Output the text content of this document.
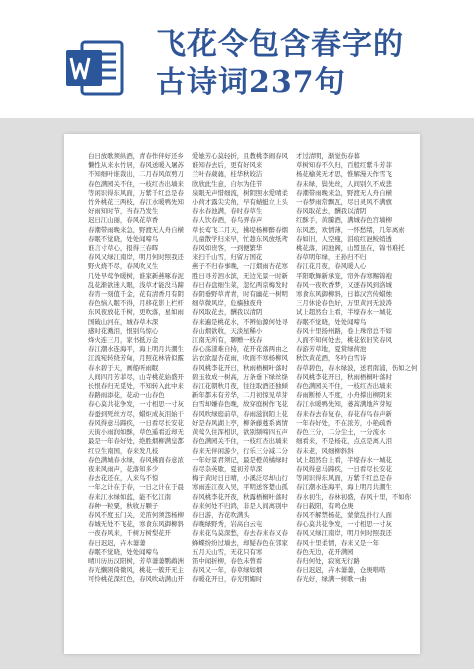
飞花令包含春字的
古诗词237句
白日放歌须纵酒，青春作伴好还乡
懒性从来水竹居，春风送暖入屠苏
不知细叶谁裁出，二月春风似剪刀
春色满园关不住，一枝红杏出墙来
等闲识得东风面，万紫千红总是春
竹外桃花三两枝，春江水暖鸭先知
好雨知时节，当春乃发生
迟日江山丽，春风花草香
春潮带雨晚来急，野渡无人舟自横
春眠不觉晓，处处闻啼鸟
谁言寸草心，报得三春晖
春风又绿江南岸，明月何时照我还
野火烧不尽，春风吹又生
几处早莺争暖树，谁家新燕啄春泥
乱花渐欲迷人眼，浅草才能没马蹄
春宵一刻值千金，花有清香月有阴
春色恼人眠不得，月移花影上栏杆
东风夜放花千树，更吹落，星如雨
国破山河在，城春草木深
感时花溅泪，恨别鸟惊心
烽火连三月，家书抵万金
春江潮水连海平，海上明月共潮生
江流宛转绕芳甸，月照花林皆似霰
春水碧于天，画船听雨眠
人间四月芳菲尽，山寺桃花始盛开
长恨春归无觅处，不知转入此中来
春路雨添花，花动一山春色
春心莫共花争发，一寸相思一寸灰
春蚕到死丝方尽，蜡炬成灰泪始干
春风得意马蹄疾，一日看尽长安花
天街小雨润如酥，草色遥看近却无
最是一年春好处，绝胜烟柳满皇都
红豆生南国，春来发几枝
春色满城春水绿，春风拂面春意浓
夜来风雨声，花落知多少
春去花还在，人来鸟不惊
一年之计在于春，一日之计在于晨
春来江水绿如蓝，能不忆江南
春种一粒粟，秋收万颗子
春风不度玉门关，羌笛何须怨杨柳
春城无处不飞花，寒食东风御柳斜
一夜春风来，千树万树梨花开
春日迟迟，卉木萋萋
春眠不觉晓，处处闻啼鸟
晴川历历汉阳树，芳草萋萋鹦鹉洲
春光懒困倚微风，桃花一簇开无主
可怜桃花深红色，春风吹动满山开
爱她芳心莫轻折，且教桃李闹春风
谁知春去后，更有好风来
兰叶春葳蕤，桂华秋皎洁
欣欣此生意，自尔为佳节
泉眼无声惜细流，树阴照水爱晴柔
小荷才露尖尖角，早有蜻蜓立上头
春水春池满，春时春草生
春人饮春酒，春鸟弄春声
草长莺飞二月天，拂堤杨柳醉春烟
儿童散学归来早，忙趁东风放纸鸢
春风如贵客，一到便繁华
来扫千山雪，归留万国花
燕子不归春事晚，一汀烟雨杏花寒
胜日寻芳泗水滨，无边光景一时新
春日春盘细生菜，忽忆两京梅发时
春阴垂野草青青，时有幽花一树明
细草微风岸，危樯独夜舟
春风取花去，酬我以清阴
春来遍是桃花水，不辨仙源何处寻
春山烟欲收，天淡星稀小
江南无所有，聊赠一枝春
春心荡漾难自持，花开花落两由之
沾衣欲湿杏花雨，吹面不寒杨柳风
春风桃李花开日，秋雨梧桐叶落时
碧玉妆成一树高，万条垂下绿丝绦
春江花朝秋月夜，往往取酒还独倾
新年都未有芳华，二月初惊见草芽
白雪却嫌春色晚，故穿庭树作飞花
春风吹绿庭前草，春雨滋润陌上花
好是春风湖上亭，柳条藤蔓系离情
黄莺久住浑相识，欲别频啼四五声
春色满园关不住，一枝红杏出墙来
春来无伴闲游少，行乐三分减二分
一年好景君须记，最是橙黄橘绿时
春尽杂英歇，夏初芳草深
梅子黄时日日晴，小溪泛尽却山行
寒雨连江夜入吴，平明送客楚山孤
春风桃李花开夜，秋露梧桐叶落时
春来何处不归鸿，非是人间离别中
春日游，杏花吹满头
春晚绿野秀，岩高白云屯
春来花鸟莫深愁，春去春来春又春
蜂蝶纷纷过墙去，却疑春色在邻家
五月天山雪，无花只有寒
笛中闻折柳，春色未曾看
春风又一年，春草绿如烟
春暖花开日，春光明媚时
才过清明，渐觉伤春暮
草树知春不久归，百般红紫斗芳菲
杨花榆荚无才思，惟解漫天作雪飞
春未绿，鬓先丝，人间别久不成悲
春潮带雨晚来急，野渡无人舟自横
一春梦雨常飘瓦，尽日灵风不满旗
春风取花去，酬我以清阴
红酥手，黄縢酒，满城春色宫墙柳
东风恶，欢情薄，一怀愁绪，几年离索
春如旧，人空瘦，泪痕红浥鲛绡透
桃花落，闲池阁，山盟虽在，锦书难托
春草明年绿，王孙归不归
春江花月夜，春风暖人心
平阳歌舞新承宠，帘外春寒赐锦袍
春风一夜吹香梦，又逐春风到洛城
寒食东风御柳斜，日暮汉宫传蜡烛
三月休论春色好，万里黄河无波涛
试上超然台上看，半壕春水一城花
春眠不觉晓，处处闻啼鸟
春风十里扬州路，卷上珠帘总不如
人面不知何处去，桃花依旧笑春风
春游芳草地，夏赏绿荷池
秋饮黄花酒，冬吟白雪诗
春草碧色，春水绿波，送君南浦，伤如之何
春风桃李花开日，秋雨梧桐叶落时
春色满园关不住，一枝红杏出墙来
春雨断桥人不度，小舟撑出柳阴来
春江水暖鸭先知，蒌蒿满地芦芽短
春来春去春复春，春花春鸟春声新
一年春好处，不在浓芳，小艳疏香
春色三分，二分尘土，一分流水
细看来，不是杨花，点点是离人泪
春未老，风细柳斜斜
试上超然台上看，半壕春水一城花
春风得意马蹄疾，一日看尽长安花
等闲识得东风面，万紫千红总是春
春江潮水连海平，海上明月共潮生
春水初生，春林初盛，春风十里，不如你
春日载阳，有鸣仓庚
春风不解禁杨花，蒙蒙乱扑行人面
春心莫共花争发，一寸相思一寸灰
春风又绿江南岸，明月何时照我还
春风十里柔情，春来又是一年
春色无边，花开满园
春归何处，寂寞无行路
春日迟迟，卉木萋萋，仓庚喈喈
春光好，绿满一树歌一曲
